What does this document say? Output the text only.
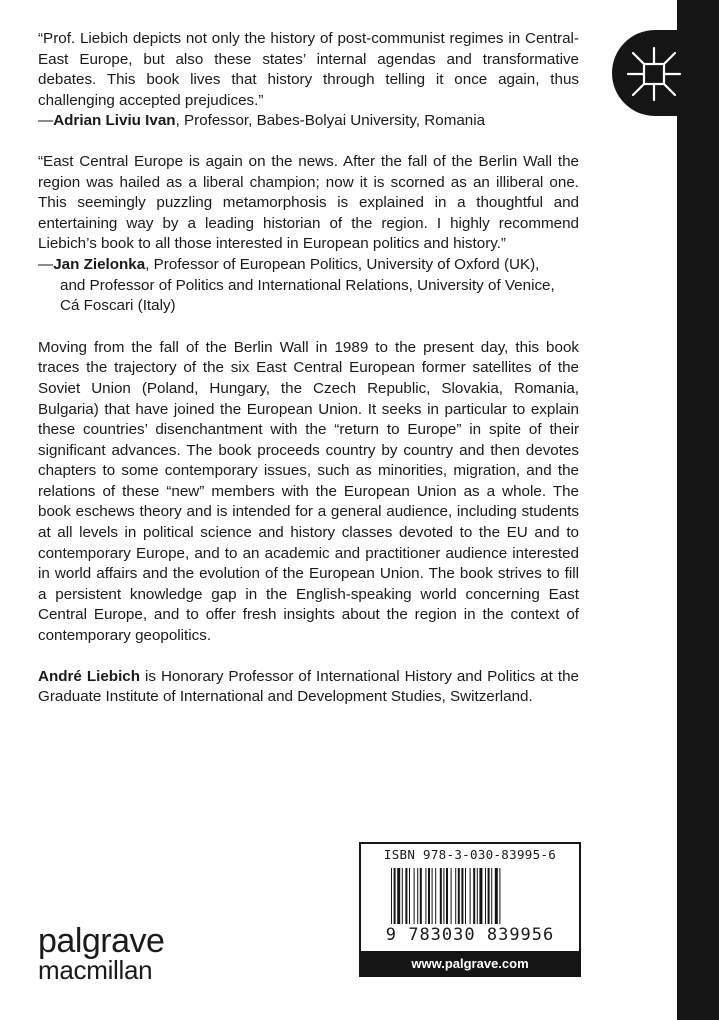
“Prof. Liebich depicts not only the history of post-communist regimes in Central-East Europe, but also these states’ internal agendas and transformative debates. This book lives that history through telling it once again, thus challenging accepted prejudices.”

—Adrian Liviu Ivan, Professor, Babes-Bolyai University, Romania

“East Central Europe is again on the news. After the fall of the Berlin Wall the region was hailed as a liberal champion; now it is scorned as an illiberal one. This seemingly puzzling metamorphosis is explained in a thoughtful and entertaining way by a leading historian of the region. I highly recommend Liebich’s book to all those interested in European politics and history.”

—Jan Zielonka, Professor of European Politics, University of Oxford (UK),
and Professor of Politics and International Relations, University of Venice,
Cá Foscari (Italy)

Moving from the fall of the Berlin Wall in 1989 to the present day, this book traces the trajectory of the six East Central European former satellites of the Soviet Union (Poland, Hungary, the Czech Republic, Slovakia, Romania, Bulgaria) that have joined the European Union. It seeks in particular to explain these countries’ disenchantment with the “return to Europe” in spite of their significant advances. The book proceeds country by country and then devotes chapters to some contemporary issues, such as minorities, migration, and the relations of these “new” members with the European Union as a whole. The book eschews theory and is intended for a general audience, including students at all levels in political science and history classes devoted to the EU and to contemporary Europe, and to an academic and practitioner audience interested in world affairs and the evolution of the European Union. The book strives to fill a persistent knowledge gap in the English-speaking world concerning East Central Europe, and to offer fresh insights about the region in the context of contemporary geopolitics.

André Liebich is Honorary Professor of International History and Politics at the Graduate Institute of International and Development Studies, Switzerland.

palgrave
macmillan
ISBN 978-3-030-83995-6
9 783030 839956
www.palgrave.com
